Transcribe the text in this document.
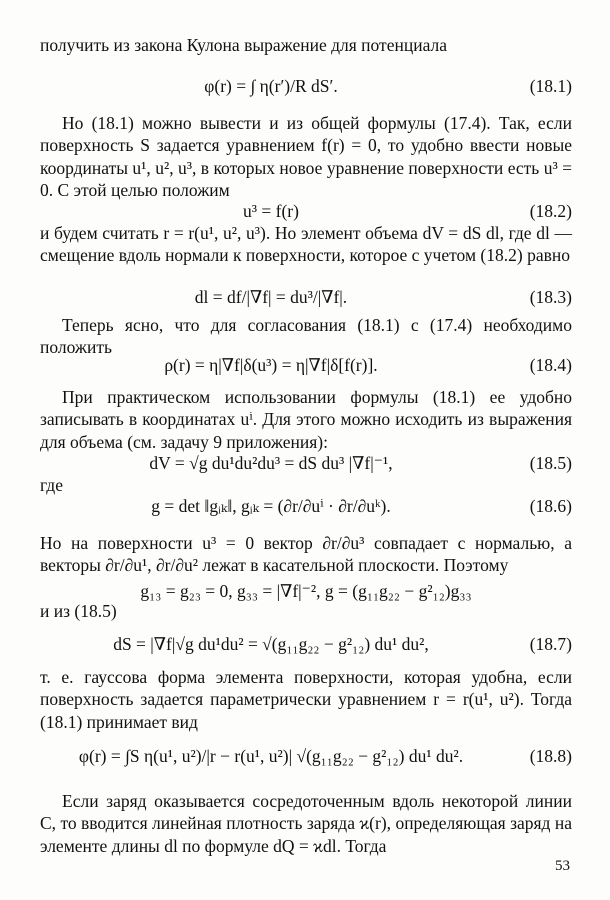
получить из закона Кулона выражение для потенциала
φ(r) = ∫ η(r′)/R dS′.	(18.1)
Но (18.1) можно вывести и из общей формулы (17.4). Так, если поверхность S задается уравнением f(r) = 0, то удобно ввести новые координаты u¹, u², u³, в которых новое уравнение поверхности есть u³ = 0. С этой целью положим
u³ = f(r)	(18.2)
и будем считать r = r(u¹, u², u³). Но элемент объема dV = dS dl, где dl — смещение вдоль нормали к поверхности, которое с учетом (18.2) равно
dl = df/|∇f| = du³/|∇f|.	(18.3)
Теперь ясно, что для согласования (18.1) с (17.4) необходимо положить
ρ(r) = η|∇f|δ(u³) = η|∇f|δ[f(r)].	(18.4)
При практическом использовании формулы (18.1) ее удобно записывать в координатах uⁱ. Для этого можно исходить из выражения для объема (см. задачу 9 приложения):
dV = √g du¹du²du³ = dS du³ |∇f|⁻¹,	(18.5)
где
g = det ‖gᵢₖ‖, gᵢₖ = (∂r/∂uⁱ · ∂r/∂uᵏ).	(18.6)
Но на поверхности u³ = 0 вектор ∂r/∂u³ совпадает с нормалью, а векторы ∂r/∂u¹, ∂r/∂u² лежат в касательной плоскости. Поэтому
g₁₃ = g₂₃ = 0, g₃₃ = |∇f|⁻², g = (g₁₁g₂₂ − g²₁₂)g₃₃
и из (18.5)
dS = |∇f|√g du¹du² = √(g₁₁g₂₂ − g²₁₂) du¹ du²,	(18.7)
т. е. гауссова форма элемента поверхности, которая удобна, если поверхность задается параметрически уравнением r = r(u¹, u²). Тогда (18.1) принимает вид
φ(r) = ∫S η(u¹, u²)/|r − r(u¹, u²)| √(g₁₁g₂₂ − g²₁₂) du¹ du².	(18.8)
Если заряд оказывается сосредоточенным вдоль некоторой линии C, то вводится линейная плотность заряда ϰ(r), определяющая заряд на элементе длины dl по формуле dQ = ϰdl. Тогда
53
